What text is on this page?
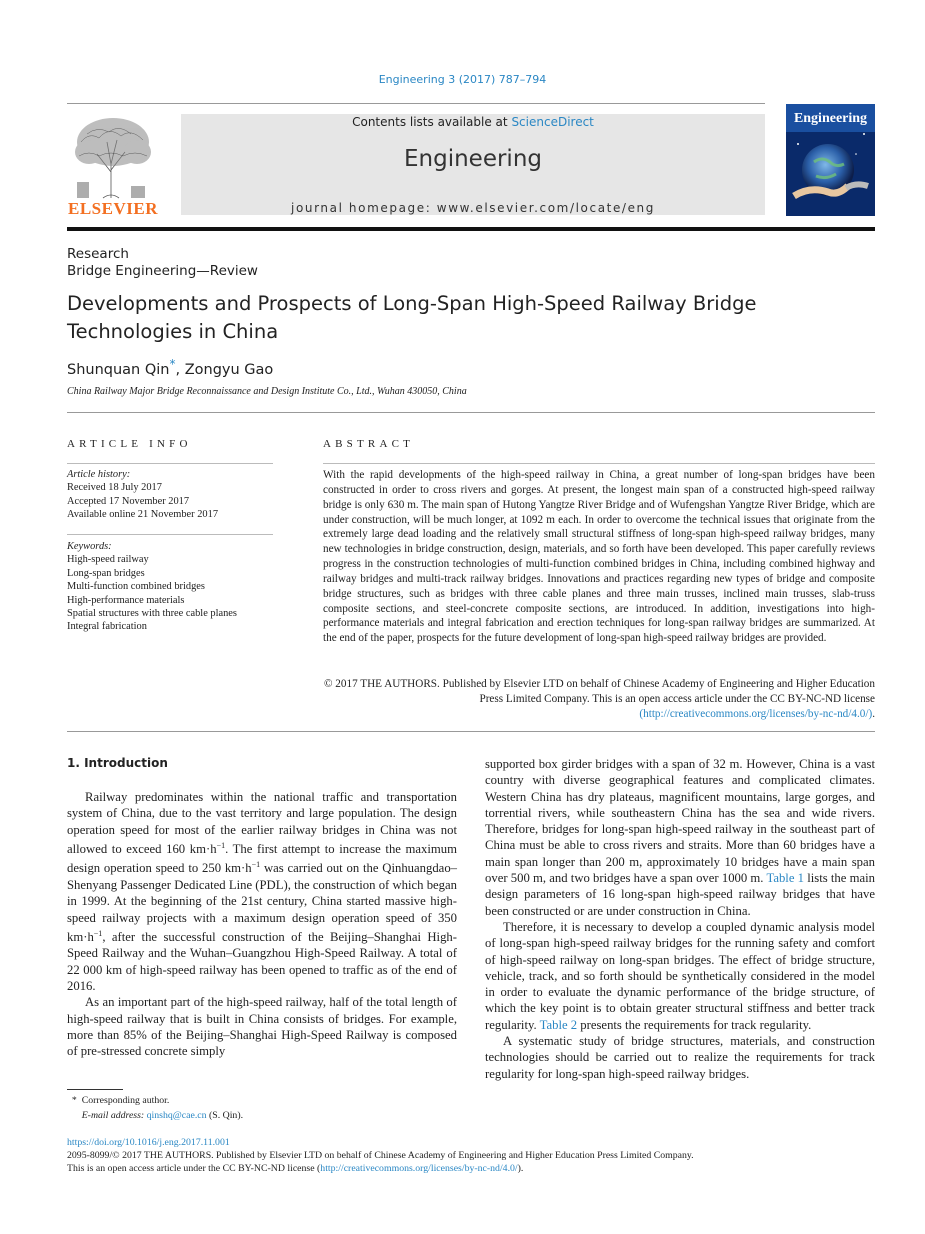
Engineering 3 (2017) 787–794
ELSEVIER
Contents lists available at ScienceDirect
Engineering
journal homepage: www.elsevier.com/locate/eng
Engineering
Research
Bridge Engineering—Review
Developments and Prospects of Long-Span High-Speed Railway Bridge Technologies in China
Shunquan Qin*, Zongyu Gao
China Railway Major Bridge Reconnaissance and Design Institute Co., Ltd., Wuhan 430050, China
ARTICLE INFO
Article history:
Received 18 July 2017
Accepted 17 November 2017
Available online 21 November 2017
Keywords:
High-speed railway
Long-span bridges
Multi-function combined bridges
High-performance materials
Spatial structures with three cable planes
Integral fabrication
ABSTRACT
With the rapid developments of the high-speed railway in China, a great number of long-span bridges have been constructed in order to cross rivers and gorges. At present, the longest main span of a constructed high-speed railway bridge is only 630 m. The main span of Hutong Yangtze River Bridge and of Wufengshan Yangtze River Bridge, which are under construction, will be much longer, at 1092 m each. In order to overcome the technical issues that originate from the extremely large dead loading and the relatively small structural stiffness of long-span high-speed railway bridges, many new technologies in bridge construction, design, materials, and so forth have been developed. This paper carefully reviews progress in the construction technologies of multi-function combined bridges in China, including combined highway and railway bridges and multi-track railway bridges. Innovations and practices regarding new types of bridge and composite bridge structures, such as bridges with three cable planes and three main trusses, inclined main trusses, slab-truss composite sections, and steel-concrete composite sections, are introduced. In addition, investigations into high-performance materials and integral fabrication and erection techniques for long-span railway bridges are summarized. At the end of the paper, prospects for the future development of long-span high-speed railway bridges are provided.
© 2017 THE AUTHORS. Published by Elsevier LTD on behalf of Chinese Academy of Engineering and Higher Education Press Limited Company. This is an open access article under the CC BY-NC-ND license (http://creativecommons.org/licenses/by-nc-nd/4.0/).
1. Introduction

Railway predominates within the national traffic and transportation system of China, due to the vast territory and large population. The design operation speed for most of the earlier railway bridges in China was not allowed to exceed 160 $km\cdot h^{-1}$. The first attempt to increase the maximum design operation speed to 250 $km\cdot h^{-1}$ was carried out on the Qinhuangdao–Shenyang Passenger Dedicated Line (PDL), the construction of which began in 1999. At the beginning of the 21st century, China started massive high-speed railway projects with a maximum design operation speed of 350 $km\cdot h^{-1}$, after the successful construction of the Beijing–Shanghai High-Speed Railway and the Wuhan–Guangzhou High-Speed Railway. A total of 22 000 km of high-speed railway has been opened to traffic as of the end of 2016.

As an important part of the high-speed railway, half of the total length of high-speed railway that is built in China consists of bridges. For example, more than 85% of the Beijing–Shanghai High-Speed Railway is composed of pre-stressed concrete simply

supported box girder bridges with a span of 32 m. However, China is a vast country with diverse geographical features and complicated climates. Western China has dry plateaus, magnificent mountains, large gorges, and torrential rivers, while southeastern China has the sea and wide rivers. Therefore, bridges for long-span high-speed railway in the southeast part of China must be able to cross rivers and straits. More than 60 bridges have a main span longer than 200 m, approximately 10 bridges have a main span over 500 m, and two bridges have a span over 1000 m. Table 1 lists the main design parameters of 16 long-span high-speed railway bridges that have been constructed or are under construction in China.

Therefore, it is necessary to develop a coupled dynamic analysis model of long-span high-speed railway bridges for the running safety and comfort of high-speed railway on long-span bridges. The effect of bridge structure, vehicle, track, and so forth should be synthetically considered in the model in order to evaluate the dynamic performance of the bridge structure, of which the key point is to obtain greater structural stiffness and better track regularity. Table 2 presents the requirements for track regularity.

A systematic study of bridge structures, materials, and construction technologies should be carried out to realize the requirements for track regularity for long-span high-speed railway bridges.

* Corresponding author.
E-mail address: qinshq@cae.cn (S. Qin).
https://doi.org/10.1016/j.eng.2017.11.001
2095-8099/© 2017 THE AUTHORS. Published by Elsevier LTD on behalf of Chinese Academy of Engineering and Higher Education Press Limited Company.
This is an open access article under the CC BY-NC-ND license (http://creativecommons.org/licenses/by-nc-nd/4.0/).
